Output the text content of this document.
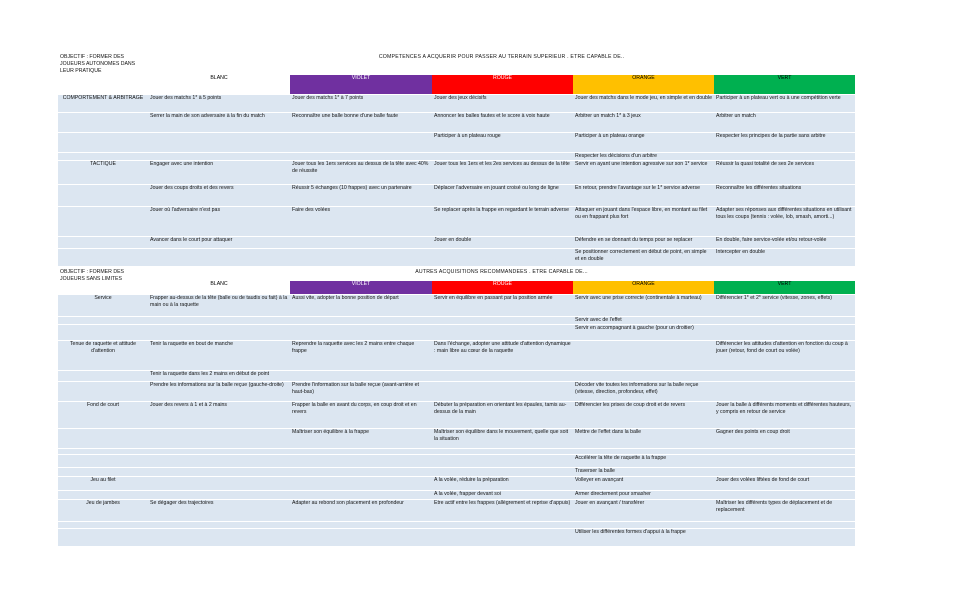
OBJECTIF : FORMER DES JOUEURS AUTONOMES DANS LEUR PRATIQUE	COMPETENCES A ACQUERIR POUR PASSER AU TERRAIN SUPERIEUR . ETRE CAPABLE DE..				
	BLANC	VIOLET	ROUGE	ORANGE	VERT
COMPORTEMENT & ARBITRAGE	Jouer des matchs 1* à 5 points	Jouer des matchs 1* à 7 points	Jouer des jeux décisifs	Jouer des matchs dans le mode jeu, en simple et en double	Participer à un plateau vert ou à une compétition verte
	Serrer la main de son adversaire à la fin du match	Reconnaître une balle bonne d'une balle faute	Annoncer les balles fautes et le score à voix haute	Arbitrer un match 1* à 3 jeux	Arbitrer un match
			Participer à un plateau rouge	Participer à un plateau orange	Respecter les principes de la partie sans arbitre
				Respecter les décisions d'un arbitre	
TACTIQUE	Engager avec une intention	Jouer tous les 1ers services au dessus de la tête avec 40% de réussite	Jouer tous les 1ers et les 2es services au dessus de la tête	Servir en ayant une intention agressive sur son 1* service	Réussir la quasi totalité de ses 2e services
	Jouer des coups droits et des revers	Réussir 5 échanges (10 frappes) avec un partenaire	Déplacer l'adversaire en jouant croisé ou long de ligne	En retour, prendre l'avantage sur le 1* service adverse	Reconnaître les différentes situations
	Jouer où l'adversaire n'est pas	Faire des volées	Se replacer après la frappe en regardant le terrain adverse	Attaquer en jouant dans l'espace libre, en montant au filet ou en frappant plus fort	Adapter ses réponses aux différentes situations en utilisant tous les coups (tennis : volée, lob, smash, amorti...)
	Avancer dans le court pour attaquer		Jouer en double	Défendre en se donnant du temps pour se replacer	En double, faire service-volée et/ou retour-volée
				Se positionner correctement en début de point, en simple et en double	Intercepter en double
OBJECTIF : FORMER DES JOUEURS SANS LIMITES	AUTRES ACQUISITIONS RECOMMANDEES . ETRE CAPABLE DE...				
	BLANC	VIOLET	ROUGE	ORANGE	VERT
Service	Frapper au-dessus de la tête (balle ou de taudis ou fait) à la main ou à la raquette	Aussi vite, adopter la bonne position de départ	Servir en équilibre en passant par la position armée	Servir avec une prise correcte (continentale à marteau)	Différencier 1* et 2* service (vitesse, zones, effets)
				Servir avec de l'effet	
				Servir en accompagnant à gauche (pour un droitier)	
Tenue de raquette et attitude d'attention	Tenir la raquette en bout de manche	Reprendre la raquette avec les 2 mains entre chaque frappe	Dans l'échange, adopter une attitude d'attention dynamique : main libre au cœur de la raquette		Différencier les attitudes d'attention en fonction du coup à jouer (retour, fond de court ou volée)
	Tenir la raquette dans les 2 mains en début de point				
	Prendre les informations sur la balle reçue (gauche-droite)	Prendre l'information sur la balle reçue (avant-arrière et haut-bas)		Décoder vite toutes les informations sur la balle reçue (vitesse, direction, profondeur, effet)	
Fond de court	Jouer des revers à 1 et à 2 mains	Frapper la balle en avant du corps, en coup droit et en revers	Débuter la préparation en orientant les épaules, tamis au-dessus de la main	Différencier les prises de coup droit et de revers	Jouer la balle à différents moments et différentes hauteurs, y compris en retour de service
		Maîtriser son équilibre à la frappe	Maîtriser son équilibre dans le mouvement, quelle que soit la situation	Mettre de l'effet dans la balle	Gagner des points en coup droit

				Accélérer la tête de raquette à la frappe	
				Traverser la balle	
Jeu au filet			A la volée, réduire la préparation	Volleyer en avançant	Jouer des volées liftées de fond de court
			A la volée, frapper devant soi	Armer directement pour smasher	
Jeu de jambes	Se dégager des trajectoires	Adapter au rebond son placement en profondeur	Etre actif entre les frappes (allègrement et reprise d'appuis)	Jouer en avançant / transférer	Maîtriser les différents types de déplacement et de replacement

				Utiliser les différentes formes d'appui à la frappe	
